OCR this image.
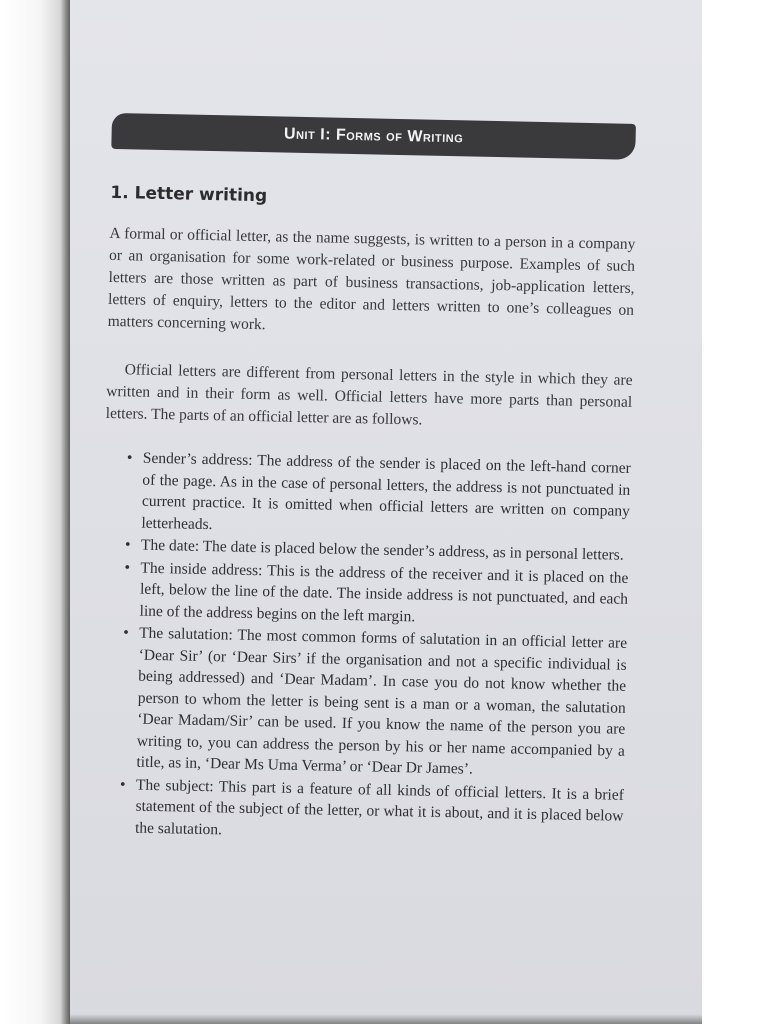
Unit I: Forms of Writing
1. Letter writing

A formal or official letter, as the name suggests, is written to a person in a company or an organisation for some work-related or business purpose. Examples of such letters are those written as part of business transactions, job-application letters, letters of enquiry, letters to the editor and letters written to one’s colleagues on matters concerning work.

Official letters are different from personal letters in the style in which they are written and in their form as well. Official letters have more parts than personal letters. The parts of an official letter are as follows.

• Sender’s address: The address of the sender is placed on the left-hand corner of the page. As in the case of personal letters, the address is not punctuated in current practice. It is omitted when official letters are written on company letterheads.
• The date: The date is placed below the sender’s address, as in personal letters.
• The inside address: This is the address of the receiver and it is placed on the left, below the line of the date. The inside address is not punctuated, and each line of the address begins on the left margin.
• The salutation: The most common forms of salutation in an official letter are ‘Dear Sir’ (or ‘Dear Sirs’ if the organisation and not a specific individual is being addressed) and ‘Dear Madam’. In case you do not know whether the person to whom the letter is being sent is a man or a woman, the salutation ‘Dear Madam/Sir’ can be used. If you know the name of the person you are writing to, you can address the person by his or her name accompanied by a title, as in, ‘Dear Ms Uma Verma’ or ‘Dear Dr James’.
• The subject: This part is a feature of all kinds of official letters. It is a brief statement of the subject of the letter, or what it is about, and it is placed below the salutation.
